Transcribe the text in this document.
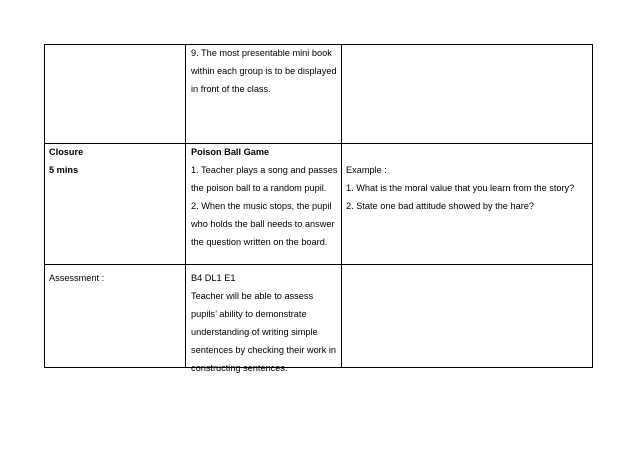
9. The most presentable mini book
within each group is to be displayed
in front of the class.
Closure
5 mins
Poison Ball Game
1. Teacher plays a song and passes
the poison ball to a random pupil.
2. When the music stops, the pupil
who holds the ball needs to answer
the question written on the board.
Example :
1. What is the moral value that you learn from the story?
2. State one bad attitude showed by the hare?
Assessment :	B4 DL1 E1
Teacher will be able to assess
pupils’ ability to demonstrate
understanding of writing simple
sentences by checking their work in
constructing sentences.
